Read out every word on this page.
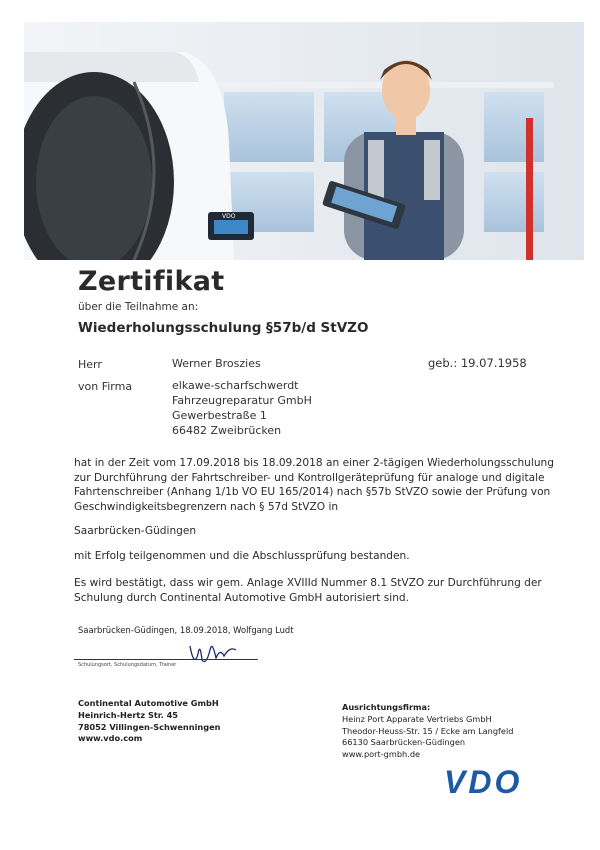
VDO
Zertifikat
über die Teilnahme an:
Wiederholungsschulung §57b/d StVZO
Herr	Werner Broszies	geb.: 19.07.1958
von Firma	elkawe-scharfschwerdt
Fahrzeugreparatur GmbH
Gewerbestraße 1
66482 Zweibrücken
hat in der Zeit vom 17.09.2018 bis 18.09.2018 an einer 2-tägigen Wiederholungsschulung zur Durchführung der Fahrtschreiber- und Kontrollgeräteprüfung für analoge und digitale Fahrtenschreiber (Anhang 1/1b VO EU 165/2014) nach §57b StVZO sowie der Prüfung von Geschwindigkeitsbegrenzern nach § 57d StVZO in
Saarbrücken-Güdingen
mit Erfolg teilgenommen und die Abschlussprüfung bestanden.
Es wird bestätigt, dass wir gem. Anlage XVIIId Nummer 8.1 StVZO zur Durchführung der Schulung durch Continental Automotive GmbH autorisiert sind.
Saarbrücken-Güdingen, 18.09.2018, Wolfgang Ludt
Schulungsort, Schulungsdatum, Trainer
Continental Automotive GmbH
Heinrich-Hertz Str. 45
78052 Villingen-Schwenningen
www.vdo.com
Ausrichtungsfirma:
Heinz Port Apparate Vertriebs GmbH
Theodor-Heuss-Str. 15 / Ecke am Langfeld
66130 Saarbrücken-Güdingen
www.port-gmbh.de
VDO
